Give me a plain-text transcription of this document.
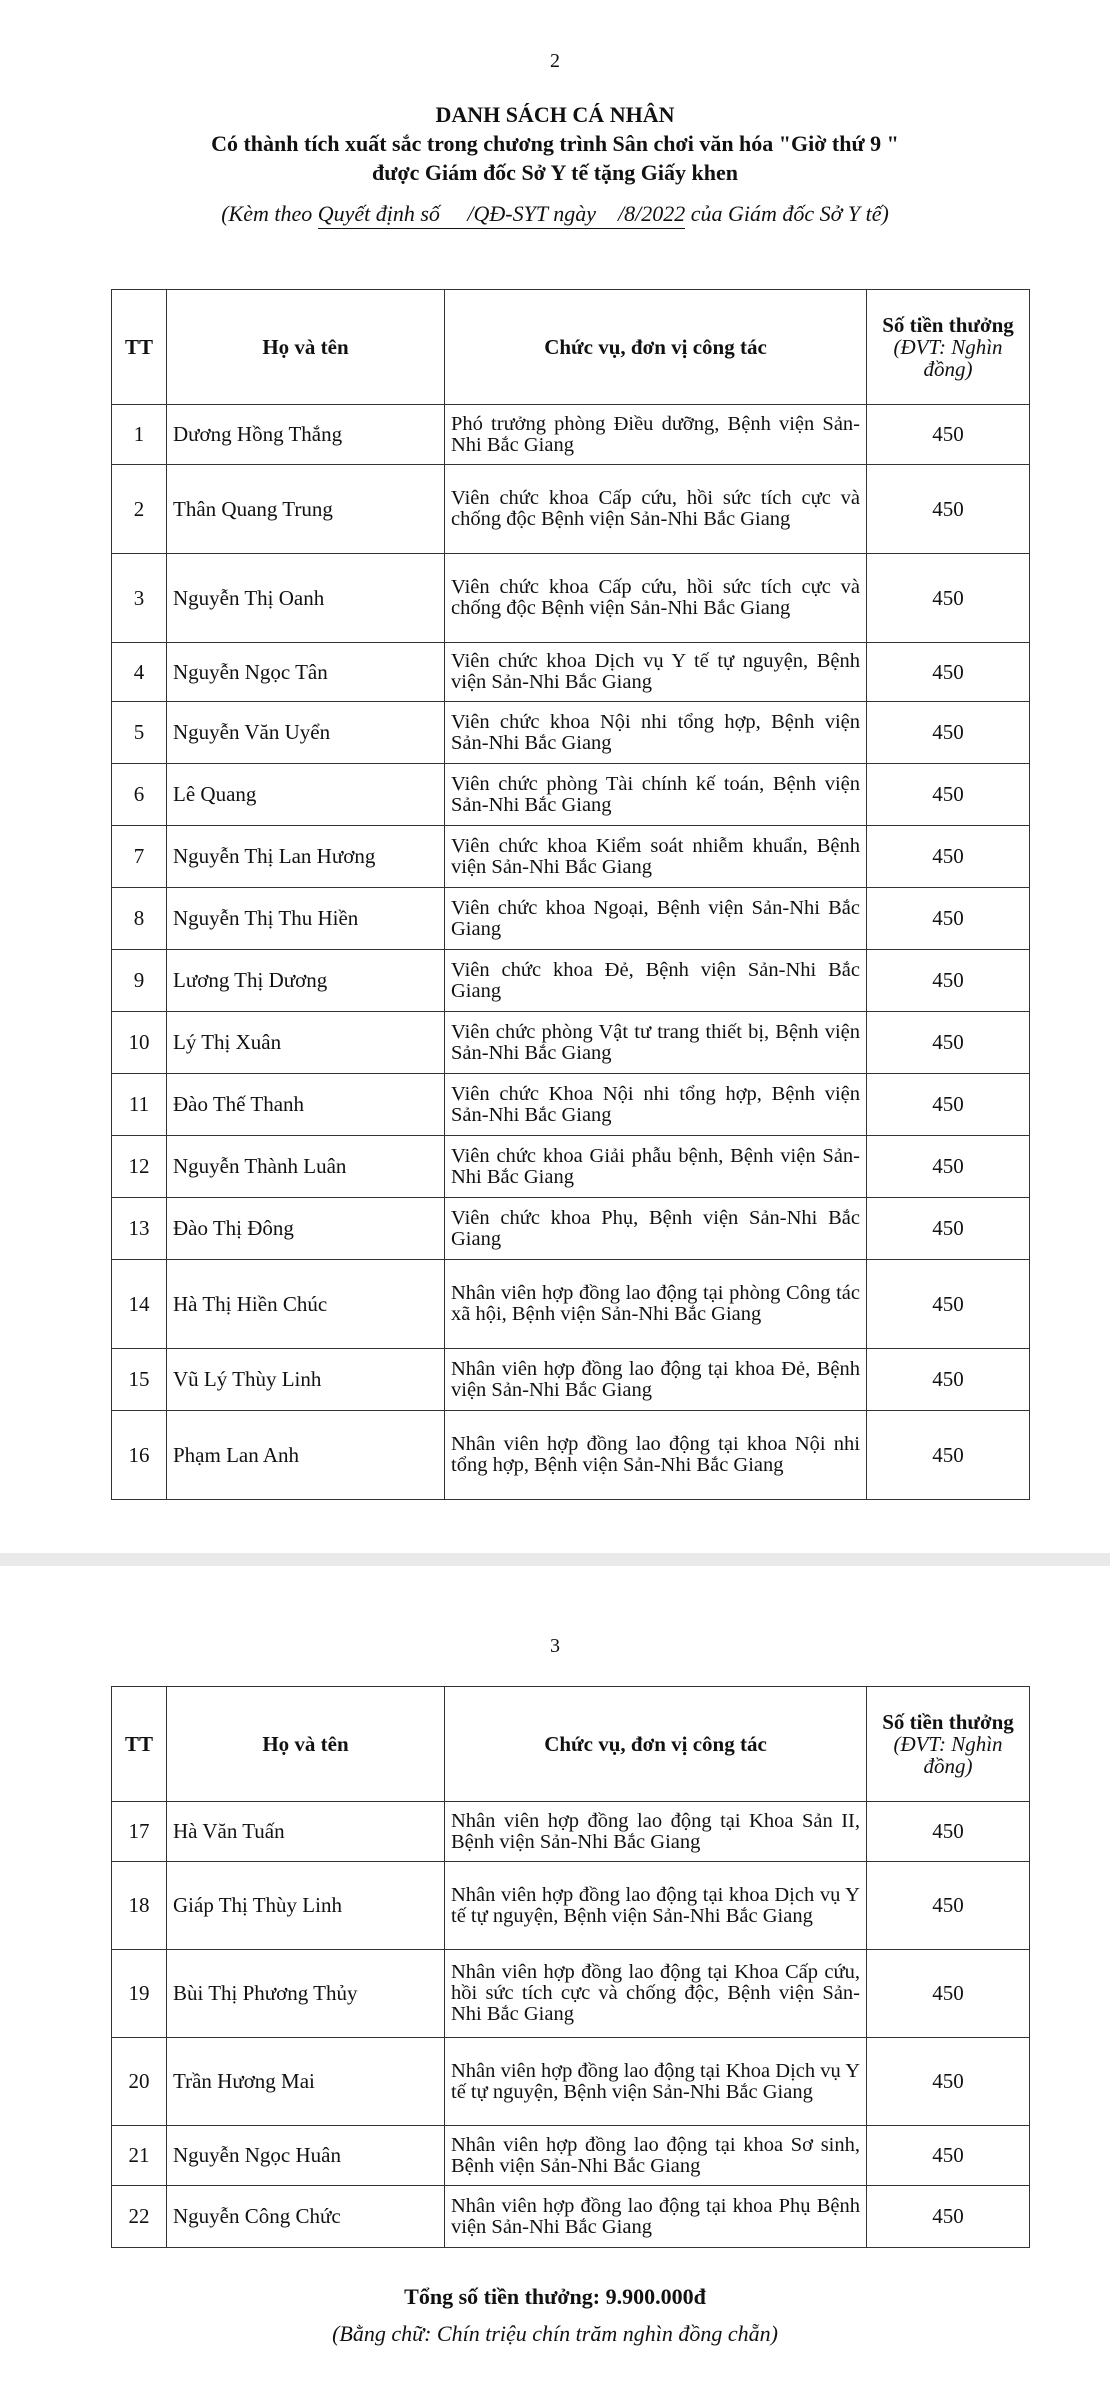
2
DANH SÁCH CÁ NHÂN
Có thành tích xuất sắc trong chương trình Sân chơi văn hóa "Giờ thứ 9 "
được Giám đốc Sở Y tế tặng Giấy khen
(Kèm theo Quyết định số     /QĐ-SYT ngày    /8/2022 của Giám đốc Sở Y tế)
TT	Họ và tên	Chức vụ, đơn vị công tác	Số tiền thưởng
(ĐVT: Nghìn đồng)
1	Dương Hồng Thắng	Phó trưởng phòng Điều dưỡng, Bệnh viện Sản-Nhi Bắc Giang	450
2	Thân Quang Trung	Viên chức khoa Cấp cứu, hồi sức tích cực và chống độc Bệnh viện Sản-Nhi Bắc Giang	450
3	Nguyễn Thị Oanh	Viên chức khoa Cấp cứu, hồi sức tích cực và chống độc Bệnh viện Sản-Nhi Bắc Giang	450
4	Nguyễn Ngọc Tân	Viên chức khoa Dịch vụ Y tế tự nguyện, Bệnh viện Sản-Nhi Bắc Giang	450
5	Nguyễn Văn Uyển	Viên chức khoa Nội nhi tổng hợp, Bệnh viện Sản-Nhi Bắc Giang	450
6	Lê Quang	Viên chức phòng Tài chính kế toán, Bệnh viện Sản-Nhi Bắc Giang	450
7	Nguyễn Thị Lan Hương	Viên chức khoa Kiểm soát nhiễm khuẩn, Bệnh viện Sản-Nhi Bắc Giang	450
8	Nguyễn Thị Thu Hiền	Viên chức khoa Ngoại, Bệnh viện Sản-Nhi Bắc Giang	450
9	Lương Thị Dương	Viên chức khoa Đẻ, Bệnh viện Sản-Nhi Bắc Giang	450
10	Lý Thị Xuân	Viên chức phòng Vật tư trang thiết bị, Bệnh viện Sản-Nhi Bắc Giang	450
11	Đào Thế Thanh	Viên chức Khoa Nội nhi tổng hợp, Bệnh viện Sản-Nhi Bắc Giang	450
12	Nguyễn Thành Luân	Viên chức khoa Giải phẫu bệnh, Bệnh viện Sản-Nhi Bắc Giang	450
13	Đào Thị Đông	Viên chức khoa Phụ, Bệnh viện Sản-Nhi Bắc Giang	450
14	Hà Thị Hiền Chúc	Nhân viên hợp đồng lao động tại phòng Công tác xã hội, Bệnh viện Sản-Nhi Bắc Giang	450
15	Vũ Lý Thùy Linh	Nhân viên hợp đồng lao động tại khoa Đẻ, Bệnh viện Sản-Nhi Bắc Giang	450
16	Phạm Lan Anh	Nhân viên hợp đồng lao động tại khoa Nội nhi tổng hợp, Bệnh viện Sản-Nhi Bắc Giang	450
3
TT	Họ và tên	Chức vụ, đơn vị công tác	Số tiền thưởng
(ĐVT: Nghìn đồng)
17	Hà Văn Tuấn	Nhân viên hợp đồng lao động tại Khoa Sản II, Bệnh viện Sản-Nhi Bắc Giang	450
18	Giáp Thị Thùy Linh	Nhân viên hợp đồng lao động tại khoa Dịch vụ Y tế tự nguyện, Bệnh viện Sản-Nhi Bắc Giang	450
19	Bùi Thị Phương Thủy	Nhân viên hợp đồng lao động tại Khoa Cấp cứu, hồi sức tích cực và chống độc, Bệnh viện Sản-Nhi Bắc Giang	450
20	Trần Hương Mai	Nhân viên hợp đồng lao động tại Khoa Dịch vụ Y tế tự nguyện, Bệnh viện Sản-Nhi Bắc Giang	450
21	Nguyễn Ngọc Huân	Nhân viên hợp đồng lao động tại khoa Sơ sinh, Bệnh viện Sản-Nhi Bắc Giang	450
22	Nguyễn Công Chức	Nhân viên hợp đồng lao động tại khoa Phụ Bệnh viện Sản-Nhi Bắc Giang	450
Tổng số tiền thưởng: 9.900.000đ
(Bằng chữ: Chín triệu chín trăm nghìn đồng chẵn)
